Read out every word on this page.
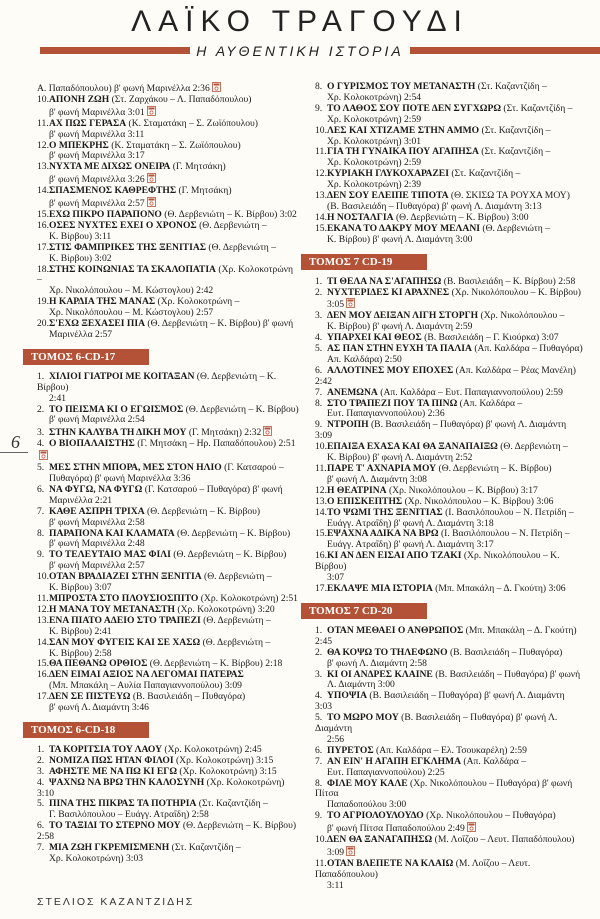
ΛΑΪΚΟ ΤΡΑΓΟΥΔΙ
Η ΑΥΘΕΝΤΙΚΗ ΙΣΤΟΡΙΑ
Α. Παπαδόπουλου) β' φωνή Μαρινέλλα 2:36
10.ΑΠΟΝΗ ΖΩΗ (Στ. Ζαρχάκου – Λ. Παπαδόπουλου)
β' φωνή Μαρινέλλα 3:01
11.ΑΧ ΠΩΣ ΓΕΡΑΣΑ (Κ. Σταματάκη – Σ. Ζωϊόπουλου)
β' φωνή Μαρινέλλα 3:11
12.Ο ΜΠΕΚΡΗΣ (Κ. Σταματάκη – Σ. Ζωϊόπουλου)
β' φωνή Μαρινέλλα 3:17
13.ΝΥΧΤΑ ΜΕ ΔΙΧΩΣ ΟΝΕΙΡΑ (Γ. Μητσάκη)
β' φωνή Μαρινέλλα 3:26
14.ΣΠΑΣΜΕΝΟΣ ΚΑΘΡΕΦΤΗΣ (Γ. Μητσάκη)
β' φωνή Μαρινέλλα 2:57
15.ΕΧΩ ΠΙΚΡΟ ΠΑΡΑΠΟΝΟ (Θ. Δερβενιώτη – Κ. Βίρβου) 3:02
16.ΟΣΕΣ ΝΥΧΤΕΣ ΕΧΕΙ Ο ΧΡΟΝΟΣ (Θ. Δερβενιώτη –
Κ. Βίρβου) 3:11
17.ΣΤΙΣ ΦΑΜΠΡΙΚΕΣ ΤΗΣ ΞΕΝΙΤΙΑΣ (Θ. Δερβενιώτη –
Κ. Βίρβου) 3:02
18.ΣΤΗΣ ΚΟΙΝΩΝΙΑΣ ΤΑ ΣΚΑΛΟΠΑΤΙΑ (Χρ. Κολοκοτρώνη –
Χρ. Νικολόπουλου – Μ. Κώστογλου) 2:42
19.Η ΚΑΡΔΙΑ ΤΗΣ ΜΑΝΑΣ (Χρ. Κολοκοτρώνη –
Χρ. Νικολόπουλου – Μ. Κώστογλου) 2:57
20.Σ'ΕΧΩ ΞΕΧΑΣΕΙ ΠΙΑ (Θ. Δερβενιώτη – Κ. Βίρβου) β' φωνή
Μαρινέλλα 2:57
ΤΟΜΟΣ 6-CD-17
1.ΧΙΛΙΟΙ ΓΙΑΤΡΟΙ ΜΕ ΚΟΙΤΑΞΑΝ (Θ. Δερβενιώτη – Κ. Βίρβου)
2:41
2.ΤΟ ΠΕΙΣΜΑ ΚΙ Ο ΕΓΩΙΣΜΟΣ (Θ. Δερβενιώτη – Κ. Βίρβου)
β' φωνή Μαρινέλλα 2:54
3.ΣΤΗΝ ΚΑΛΥΒΑ ΤΗ ΔΙΚΗ ΜΟΥ (Γ. Μητσάκη) 2:32
4.Ο ΒΙΟΠΑΛΑΙΣΤΗΣ (Γ. Μητσάκη – Ηρ. Παπαδόπουλου) 2:51
5.ΜΕΣ ΣΤΗΝ ΜΠΟΡΑ, ΜΕΣ ΣΤΟΝ ΗΛΙΟ (Γ. Κατσαρού –
Πυθαγόρα) β' φωνή Μαρινέλλα 3:36
6.ΝΑ ΦΥΓΩ, ΝΑ ΦΥΓΩ (Γ. Κατσαρού – Πυθαγόρα) β' φωνή
Μαρινέλλα 2:21
7.ΚΑΘΕ ΑΣΠΡΗ ΤΡΙΧΑ (Θ. Δερβενιώτη – Κ. Βίρβου)
β' φωνή Μαρινέλλα 2:58
8.ΠΑΡΑΠΟΝΑ ΚΑΙ ΚΛΑΜΑΤΑ (Θ. Δερβενιώτη – Κ. Βίρβου)
β' φωνή Μαρινέλλα 2:48
9.ΤΟ ΤΕΛΕΥΤΑΙΟ ΜΑΣ ΦΙΛΙ (Θ. Δερβενιώτη – Κ. Βίρβου)
β' φωνή Μαρινέλλα 2:57
10.ΟΤΑΝ ΒΡΑΔΙΑΖΕΙ ΣΤΗΝ ΞΕΝΙΤΙΑ (Θ. Δερβενιώτη –
Κ. Βίρβου) 3:07
11.ΜΠΡΟΣΤΑ ΣΤΟ ΠΛΟΥΣΙΟΣΠΙΤΟ (Χρ. Κολοκοτρώνη) 2:51
12.Η ΜΑΝΑ ΤΟΥ ΜΕΤΑΝΑΣΤΗ (Χρ. Κολοκοτρώνη) 3:20
13.ΕΝΑ ΠΙΑΤΟ ΑΔΕΙΟ ΣΤΟ ΤΡΑΠΕΖΙ (Θ. Δερβενιώτη –
Κ. Βίρβου) 2:41
14.ΣΑΝ ΜΟΥ ΦΥΓΕΙΣ ΚΑΙ ΣΕ ΧΑΣΩ (Θ. Δερβενιώτη –
Κ. Βίρβου) 2:58
15.ΘΑ ΠΕΘΑΝΩ ΟΡΘΙΟΣ (Θ. Δερβενιώτη – Κ. Βίρβου) 2:18
16.ΔΕΝ ΕΙΜΑΙ ΑΞΙΟΣ ΝΑ ΛΕΓΟΜΑΙ ΠΑΤΕΡΑΣ
(Μπ. Μπακάλη – Αυλία Παπαγιαννοπούλου) 3:09
17.ΔΕΝ ΣΕ ΠΙΣΤΕΥΩ (Β. Βασιλειάδη – Πυθαγόρα)
β' φωνή Λ. Διαμάντη 3:46
ΤΟΜΟΣ 6-CD-18
1.ΤΑ ΚΟΡΙΤΣΙΑ ΤΟΥ ΛΑΟΥ (Χρ. Κολοκοτρώνη) 2:45
2.ΝΟΜΙΖΑ ΠΩΣ ΗΤΑΝ ΦΙΛΟΙ (Χρ. Κολοκοτρώνη) 3:15
3.ΑΦΗΣΤΕ ΜΕ ΝΑ ΠΩ ΚΙ ΕΓΩ (Χρ. Κολοκοτρώνη) 3:15
4.ΨΑΧΝΩ ΝΑ ΒΡΩ ΤΗΝ ΚΑΛΟΣΥΝΗ (Χρ. Κολοκοτρώνη) 3:10
5.ΠΙΝΑ ΤΗΣ ΠΙΚΡΑΣ ΤΑ ΠΟΤΗΡΙΑ (Στ. Καζαντζίδη –
Γ. Βασιλόπουλου – Ευάγγ. Ατραΐδη) 2:58
6.ΤΟ ΤΑΞΙΔΙ ΤΟ ΣΤΕΡΝΟ ΜΟΥ (Θ. Δερβενιώτη – Κ. Βίρβου) 2:58
7.ΜΙΑ ΖΩΗ ΓΚΡΕΜΙΣΜΕΝΗ (Στ. Καζαντζίδη –
Χρ. Κολοκοτρώνη) 3:03
8.Ο ΓΥΡΙΣΜΟΣ ΤΟΥ ΜΕΤΑΝΑΣΤΗ (Στ. Καζαντζίδη –
Χρ. Κολοκοτρώνη) 2:54
9.ΤΟ ΛΑΘΟΣ ΣΟΥ ΠΟΤΕ ΔΕΝ ΣΥΓΧΩΡΩ (Στ. Καζαντζίδη –
Χρ. Κολοκοτρώνη) 2:59
10.ΛΕΣ ΚΑΙ ΧΤΙΖΑΜΕ ΣΤΗΝ ΑΜΜΟ (Στ. Καζαντζίδη –
Χρ. Κολοκοτρώνη) 3:01
11.ΓΙΑ ΤΗ ΓΥΝΑΙΚΑ ΠΟΥ ΑΓΑΠΗΣΑ (Στ. Καζαντζίδη –
Χρ. Κολοκοτρώνη) 2:59
12.ΚΥΡΙΑΚΗ ΓΛΥΚΟΧΑΡΑΖΕΙ (Στ. Καζαντζίδη –
Χρ. Κολοκοτρώνη) 2:39
13.ΔΕΝ ΣΟΥ ΕΛΕΙΠΕ ΤΙΠΟΤΑ (Θ. ΣΚΙΣΩ ΤΑ ΡΟΥΧΑ ΜΟΥ)
(Β. Βασιλειάδη – Πυθαγόρα) β' φωνή Λ. Διαμάντη 3:13
14.Η ΝΟΣΤΑΛΓΙΑ (Θ. Δερβενιώτη – Κ. Βίρβου) 3:00
15.ΕΚΑΝΑ ΤΟ ΔΑΚΡΥ ΜΟΥ ΜΕΛΑΝΙ (Θ. Δερβενιώτη –
Κ. Βίρβου) β' φωνή Λ. Διαμάντη 3:00
ΤΟΜΟΣ 7 CD-19
1.ΤΙ ΘΕΛΑ ΝΑ Σ'ΑΓΑΠΗΣΩ (Β. Βασιλειάδη – Κ. Βίρβου) 2:58
2.ΝΥΧΤΕΡΙΔΕΣ ΚΙ ΑΡΑΧΝΕΣ (Χρ. Νικολόπουλου – Κ. Βίρβου)
3:05
3.ΔΕΝ ΜΟΥ ΔΕΙΞΑΝ ΛΙΓΗ ΣΤΟΡΓΗ (Χρ. Νικολόπουλου –
Κ. Βίρβου) β' φωνή Λ. Διαμάντη 2:59
4.ΥΠΑΡΧΕΙ ΚΑΙ ΘΕΟΣ (Β. Βασιλειάδη – Γ. Κιούρκα) 3:07
5.ΑΣ ΠΑΝ ΣΤΗΝ ΕΥΧΗ ΤΑ ΠΑΛΙΑ (Απ. Καλδάρα – Πυθαγόρα)
Απ. Καλδάρα) 2:50
6.ΑΛΛΟΤΙΝΕΣ ΜΟΥ ΕΠΟΧΕΣ (Απ. Καλδάρα – Ρέας Μανέλη) 2:42
7.ΑΝΕΜΩΝΑ (Απ. Καλδάρα – Ευτ. Παπαγιαννοπούλου) 2:59
8.ΣΤΟ ΤΡΑΠΕΖΙ ΠΟΥ ΤΑ ΠΙΝΩ (Απ. Καλδάρα –
Ευτ. Παπαγιαννοπούλου) 2:36
9.ΝΤΡΟΠΗ (Β. Βασιλειάδη – Πυθαγόρα) β' φωνή Λ. Διαμάντη 3:09
10.ΕΠΑΙΞΑ ΕΧΑΣΑ ΚΑΙ ΘΑ ΞΑΝΑΠΑΙΞΩ (Θ. Δερβενιώτη –
Κ. Βίρβου) β' φωνή Λ. Διαμάντη 2:52
11.ΠΑΡΕ Τ' ΑΧΝΑΡΙΑ ΜΟΥ (Θ. Δερβενιώτη – Κ. Βίρβου)
β' φωνή Λ. Διαμάντη 3:08
12.Η ΘΕΑΤΡΙΝΑ (Χρ. Νικολόπουλου – Κ. Βίρβου) 3:17
13.Ο ΕΠΙΣΚΕΠΤΗΣ (Χρ. Νικολόπουλου – Κ. Βίρβου) 3:06
14.ΤΟ ΨΩΜΙ ΤΗΣ ΞΕΝΙΤΙΑΣ (Ι. Βασιλόπουλου – Ν. Πετρίδη –
Ευάγγ. Ατραΐδη) β' φωνή Λ. Διαμάντη 3:18
15.ΕΨΑΧΝΑ ΑΔΙΚΑ ΝΑ ΒΡΩ (Ι. Βασιλόπουλου – Ν. Πετρίδη –
Ευάγγ. Ατραΐδη) β' φωνή Λ. Διαμάντη 3:17
16.ΚΙ ΑΝ ΔΕΝ ΕΙΣΑΙ ΑΠΟ ΤΖΑΚΙ (Χρ. Νικολόπουλου – Κ. Βίρβου)
3:07
17.ΕΚΛΑΨΕ ΜΙΑ ΙΣΤΟΡΙΑ (Μπ. Μπακάλη – Δ. Γκούτη) 3:06
ΤΟΜΟΣ 7 CD-20
1.ΟΤΑΝ ΜΕΘΑΕΙ Ο ΑΝΘΡΩΠΟΣ (Μπ. Μπακάλη – Δ. Γκούτη) 2:45
2.ΘΑ ΚΟΨΩ ΤΟ ΤΗΛΕΦΩΝΟ (Β. Βασιλειάδη – Πυθαγόρα)
β' φωνή Λ. Διαμάντη 2:58
3.ΚΙ ΟΙ ΑΝΔΡΕΣ ΚΛΑΙΝΕ (Β. Βασιλειάδη – Πυθαγόρα) β' φωνή
Λ. Διαμάντη 3:00
4.ΥΠΟΨΙΑ (Β. Βασιλειάδη – Πυθαγόρα) β' φωνή Λ. Διαμάντη 3:03
5.ΤΟ ΜΩΡΟ ΜΟΥ (Β. Βασιλειάδη – Πυθαγόρα) β' φωνή Λ. Διαμάντη
2:56
6.ΠΥΡΕΤΟΣ (Απ. Καλδάρα – Ελ. Τσουκαρέλη) 2:59
7.ΑΝ ΕΙΝ' Η ΑΓΑΠΗ ΕΓΚΛΗΜΑ (Απ. Καλδάρα –
Ευτ. Παπαγιαννοπούλου) 2:25
8.ΦΙΛΕ ΜΟΥ ΚΑΛΕ (Χρ. Νικολόπουλου – Πυθαγόρα) β' φωνή Πίτσα
Παπαδοπούλου 3:00
9.ΤΟ ΑΓΡΙΟΛΟΥΛΟΥΔΟ (Χρ. Νικολόπουλου – Πυθαγόρα)
β' φωνή Πίτσα Παπαδοπούλου 2:49
10.ΔΕΝ ΘΑ ΞΑΝΑΓΑΠΗΣΩ (Μ. Λοΐζου – Λευτ. Παπαδόπουλου)
3:09
11.ΟΤΑΝ ΒΛΕΠΕΤΕ ΝΑ ΚΛΑΙΩ (Μ. Λοΐζου – Λευτ. Παπαδόπουλου)
3:11
6
ΣΤΕΛΙΟΣ ΚΑΖΑΝΤΖΙΔΗΣ
